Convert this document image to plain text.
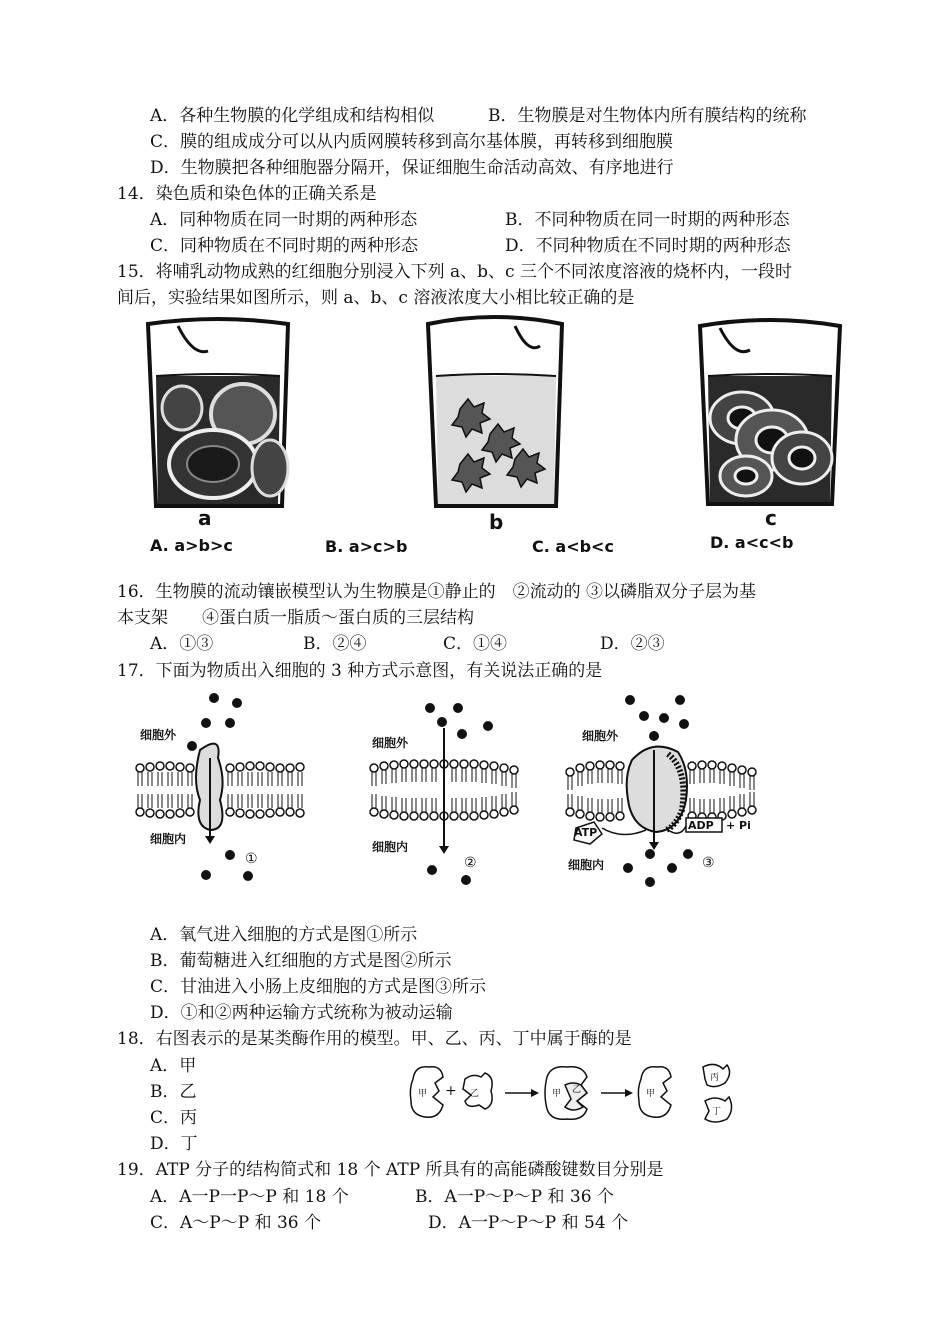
A．各种生物膜的化学组成和结构相似	B．生物膜是对生物体内所有膜结构的统称
C．膜的组成成分可以从内质网膜转移到高尔基体膜，再转移到细胞膜
D．生物膜把各种细胞器分隔开，保证细胞生命活动高效、有序地进行
14．染色质和染色体的正确关系是
A．同种物质在同一时期的两种形态	B．不同种物质在同一时期的两种形态
C．同种物质在不同时期的两种形态	D．不同种物质在不同时期的两种形态
15．将哺乳动物成熟的红细胞分别浸入下列 a、b、c 三个不同浓度溶液的烧杯内，一段时
间后，实验结果如图所示，则 a、b、c 溶液浓度大小相比较正确的是
a	b	c
A. a>b>c	B. a>c>b	C. a<b<c	D. a<c<b
16．生物膜的流动镶嵌模型认为生物膜是①静止的　②流动的 ③以磷脂双分子层为基
本支架　　④蛋白质一脂质～蛋白质的三层结构
A．①③	B．②④	C．①④	D．②③
17．下面为物质出入细胞的 3 种方式示意图，有关说法正确的是
细胞外
细胞内
①
细胞外
细胞内
②
细胞外
ATP
ADP + Pi
细胞内	③
A．氧气进入细胞的方式是图①所示
B．葡萄糖进入红细胞的方式是图②所示
C．甘油进入小肠上皮细胞的方式是图③所示
D．①和②两种运输方式统称为被动运输
18．右图表示的是某类酶作用的模型。甲、乙、丙、丁中属于酶的是
A．甲
B．乙
C．丙
D．丁
甲 + 乙	甲 乙	甲
丙
丁
19．ATP 分子的结构简式和 18 个 ATP 所具有的高能磷酸键数目分别是
A．A一P一P～P 和 18 个	B．A一P～P～P 和 36 个
C．A～P～P 和 36 个	D．A一P～P～P 和 54 个
